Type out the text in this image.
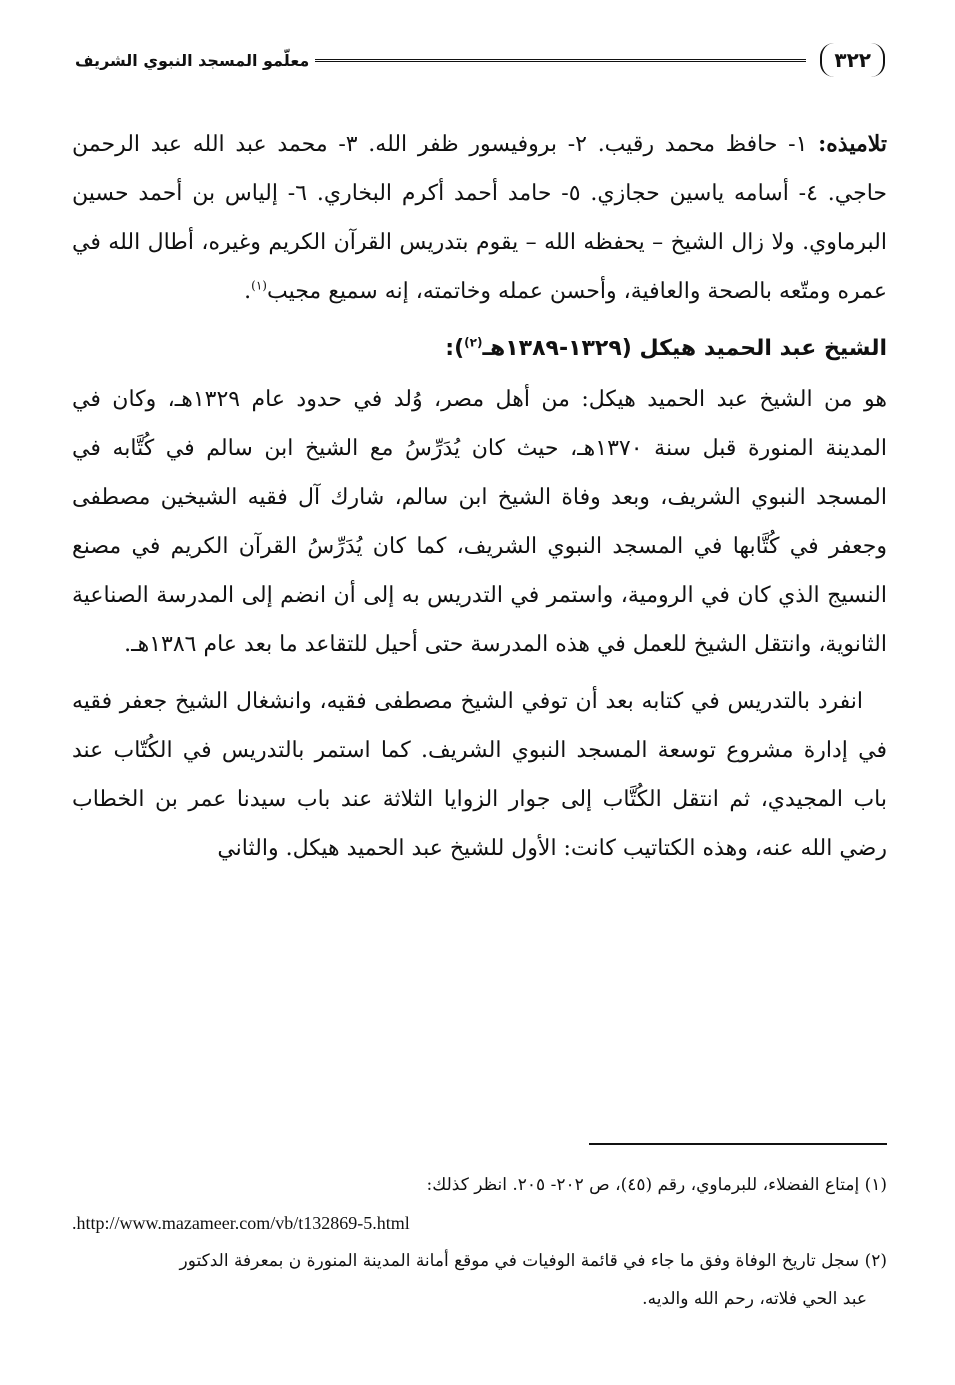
٣٢٢
معلّمو المسجد النبوي الشريف

تلاميذه: ١- حافظ محمد رقيب. ٢- بروفيسور ظفر الله. ٣- محمد عبد الله عبد الرحمن حاجي. ٤- أسامه ياسين حجازي. ٥- حامد أحمد أكرم البخاري. ٦- إلياس بن أحمد حسين البرماوي. ولا زال الشيخ – يحفظه الله – يقوم بتدريس القرآن الكريم وغيره، أطال الله في عمره ومتّعه بالصحة والعافية، وأحسن عمله وخاتمته، إنه سميع مجيب$^{(١)}$.

الشيخ عبد الحميد هيكل (١٣٢٩-١٣٨٩هـ$^{(٢)}$):

هو من الشيخ عبد الحميد هيكل: من أهل مصر، وُلد في حدود عام ١٣٢٩هـ، وكان في المدينة المنورة قبل سنة ١٣٧٠هـ، حيث كان يُدَرِّسُ مع الشيخ ابن سالم في كُتَّابه في المسجد النبوي الشريف، وبعد وفاة الشيخ ابن سالم، شارك آل فقيه الشيخين مصطفى وجعفر في كُتَّابها في المسجد النبوي الشريف، كما كان يُدَرِّسُ القرآن الكريم في مصنع النسيج الذي كان في الرومية، واستمر في التدريس به إلى أن انضم إلى المدرسة الصناعية الثانوية، وانتقل الشيخ للعمل في هذه المدرسة حتى أحيل للتقاعد ما بعد عام ١٣٨٦هـ.

انفرد بالتدريس في كتابه بعد أن توفي الشيخ مصطفى فقيه، وانشغال الشيخ جعفر فقيه في إدارة مشروع توسعة المسجد النبوي الشريف. كما استمر بالتدريس في الكُتّاب عند باب المجيدي، ثم انتقل الكُتَّاب إلى جوار الزوايا الثلاثة عند باب سيدنا عمر بن الخطاب رضي الله عنه، وهذه الكتاتيب كانت: الأول للشيخ عبد الحميد هيكل. والثاني

(١) إمتاع الفضلاء، للبرماوي، رقم (٤٥)، ص ٢٠٢- ٢٠٥. انظر كذلك:

.http://www.mazameer.com/vb/t132869-5.html

(٢) سجل تاريخ الوفاة وفق ما جاء في قائمة الوفيات في موقع أمانة المدينة المنورة ن بمعرفة الدكتور

عبد الحي فلاته، رحم الله والديه.
